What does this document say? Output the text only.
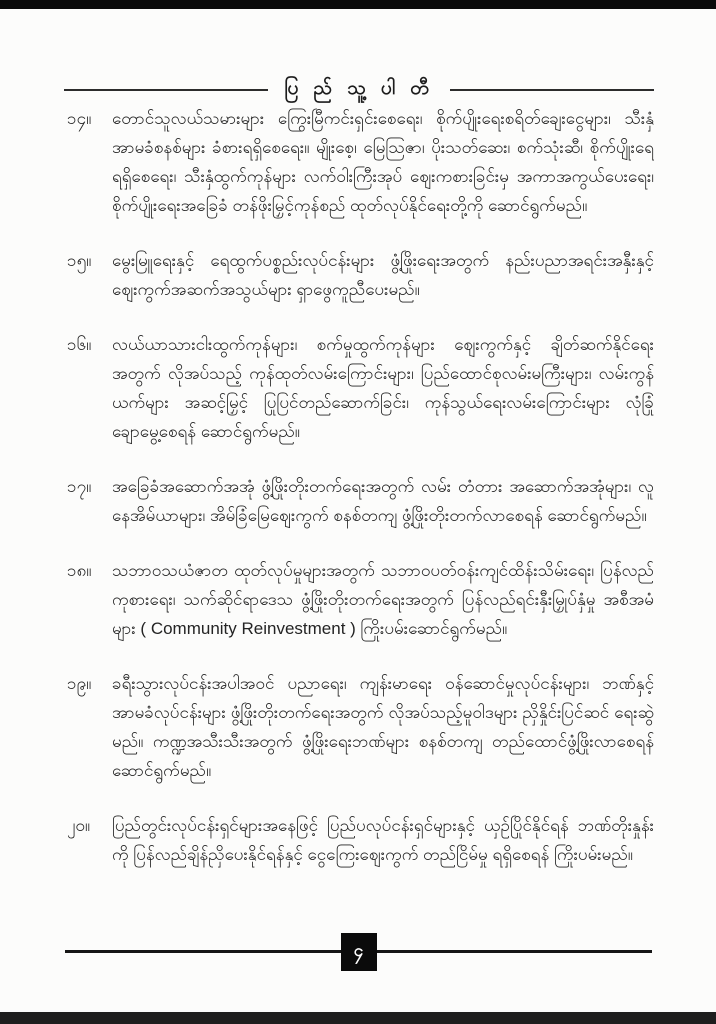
ပြ ည် သူ့ ပါ တီ
၁၄။	တောင်သူလယ်သမားများ ကြွေးမြီကင်းရှင်းစေရေး၊ စိုက်ပျိုးရေးစရိတ်ချေးငွေများ၊ သီးနှံအာမခံစနစ်များ ခံစားရရှိစေရေး။ မျိုးစေ့၊ မြေဩဇာ၊ ပိုးသတ်ဆေး၊ စက်သုံးဆီ၊ စိုက်ပျိုးရေ ရရှိစေရေး၊ သီးနှံထွက်ကုန်များ လက်ဝါးကြီးအုပ် ဈေးကစားခြင်းမှ အကာအကွယ်ပေးရေး၊ စိုက်ပျိုးရေးအခြေခံ တန်ဖိုးမြှင့်ကုန်စည် ထုတ်လုပ်နိုင်ရေးတို့ကို ဆောင်ရွက်မည်။
၁၅။	မွေးမြူရေးနှင့် ရေထွက်ပစ္စည်းလုပ်ငန်းများ ဖွံ့ဖြိုးရေးအတွက် နည်းပညာအရင်းအနှီးနှင့် ဈေးကွက်အဆက်အသွယ်များ ရှာဖွေကူညီပေးမည်။
၁၆။	လယ်ယာသားငါးထွက်ကုန်များ၊ စက်မှုထွက်ကုန်များ ဈေးကွက်နှင့် ချိတ်ဆက်နိုင်ရေးအတွက် လိုအပ်သည့် ကုန်ထုတ်လမ်းကြောင်းများ၊ ပြည်ထောင်စုလမ်းမကြီးများ၊ လမ်းကွန်ယက်များ အဆင့်မြှင့် ပြုပြင်တည်ဆောက်ခြင်း၊ ကုန်သွယ်ရေးလမ်းကြောင်းများ လုံခြုံချောမွေ့စေရန် ဆောင်ရွက်မည်။
၁၇။	အခြေခံအဆောက်အအုံ ဖွံ့ဖြိုးတိုးတက်ရေးအတွက် လမ်း တံတား အဆောက်အအုံများ၊ လူနေအိမ်ယာများ၊ အိမ်ခြံမြေဈေးကွက် စနစ်တကျ ဖွံ့ဖြိုးတိုးတက်လာစေရန် ဆောင်ရွက်မည်။
၁၈။	သဘာဝသယံဇာတ ထုတ်လုပ်မှုများအတွက် သဘာဝပတ်ဝန်းကျင်ထိန်းသိမ်းရေး၊ ပြန်လည်ကုစားရေး၊ သက်ဆိုင်ရာဒေသ ဖွံ့ဖြိုးတိုးတက်ရေးအတွက် ပြန်လည်ရင်းနှီးမြှုပ်နှံမှု အစီအမံများ ( Community Reinvestment ) ကြိုးပမ်းဆောင်ရွက်မည်။
၁၉။	ခရီးသွားလုပ်ငန်းအပါအဝင် ပညာရေး၊ ကျန်းမာရေး ဝန်ဆောင်မှုလုပ်ငန်းများ၊ ဘဏ်နှင့် အာမခံလုပ်ငန်းများ ဖွံ့ဖြိုးတိုးတက်ရေးအတွက် လိုအပ်သည့်မူဝါဒများ ညှိနှိုင်းပြင်ဆင် ရေးဆွဲမည်။ ကဏ္ဍအသီးသီးအတွက် ဖွံ့ဖြိုးရေးဘဏ်များ စနစ်တကျ တည်ထောင်ဖွံ့ဖြိုးလာစေရန် ဆောင်ရွက်မည်။
၂၀။	ပြည်တွင်းလုပ်ငန်းရှင်များအနေဖြင့် ပြည်ပလုပ်ငန်းရှင်များနှင့် ယှဉ်ပြိုင်နိုင်ရန် ဘဏ်တိုးနှုန်းကို ပြန်လည်ချိန်ညှိပေးနိုင်ရန်နှင့် ငွေကြေးဈေးကွက် တည်ငြိမ်မှု ရရှိစေရန် ကြိုးပမ်းမည်။
၄
